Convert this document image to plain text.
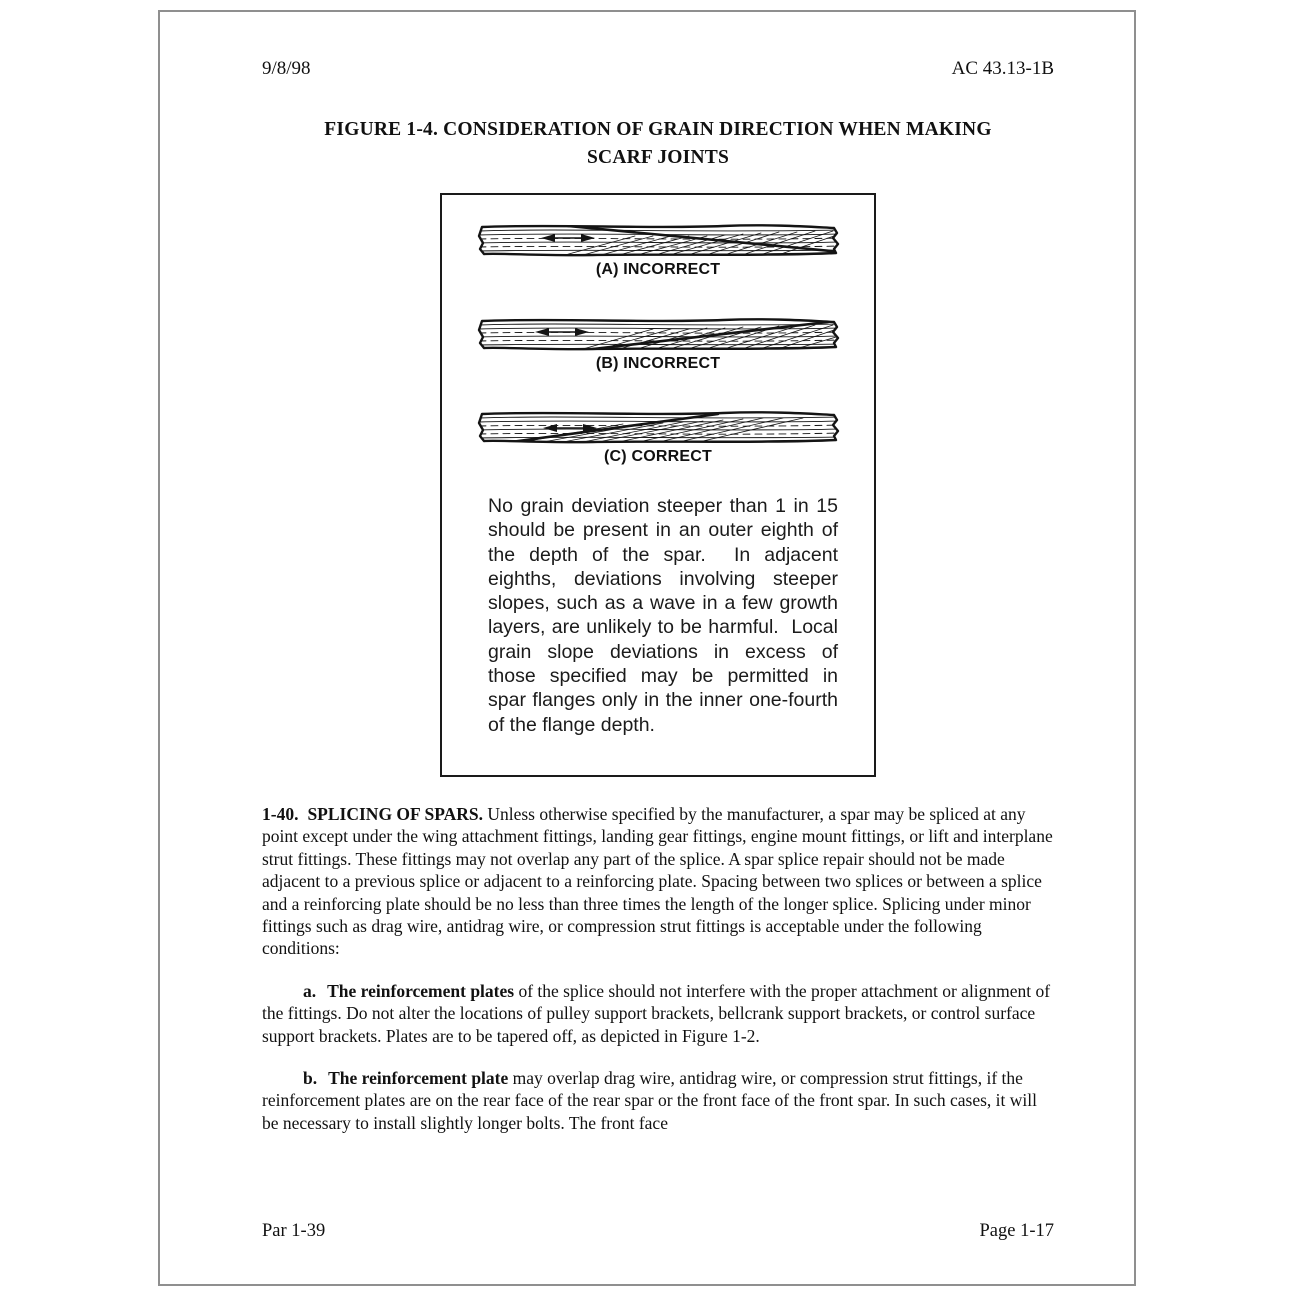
9/8/98	AC 43.13-1B
FIGURE 1-4. CONSIDERATION OF GRAIN DIRECTION WHEN MAKING
SCARF JOINTS
(A) INCORRECT
(B) INCORRECT
(C) CORRECT
No grain deviation steeper than 1 in 15 should be present in an outer eighth of the depth of the spar.  In adjacent eighths, deviations involving steeper slopes, such as a wave in a few growth layers, are unlikely to be harmful.  Local grain slope deviations in excess of those specified may be permitted in spar flanges only in the inner one-fourth of the flange depth.

1-40. SPLICING OF SPARS. Unless otherwise specified by the manufacturer, a spar may be spliced at any point except under the wing attachment fittings, landing gear fittings, engine mount fittings, or lift and interplane strut fittings. These fittings may not overlap any part of the splice. A spar splice repair should not be made adjacent to a previous splice or adjacent to a reinforcing plate. Spacing between two splices or between a splice and a reinforcing plate should be no less than three times the length of the longer splice. Splicing under minor fittings such as drag wire, antidrag wire, or compression strut fittings is acceptable under the following conditions:

a. The reinforcement plates of the splice should not interfere with the proper attachment or alignment of the fittings. Do not alter the locations of pulley support brackets, bellcrank support brackets, or control surface support brackets. Plates are to be tapered off, as depicted in Figure 1-2.

b. The reinforcement plate may overlap drag wire, antidrag wire, or compression strut fittings, if the reinforcement plates are on the rear face of the rear spar or the front face of the front spar. In such cases, it will be necessary to install slightly longer bolts. The front face

Par 1-39	Page 1-17
